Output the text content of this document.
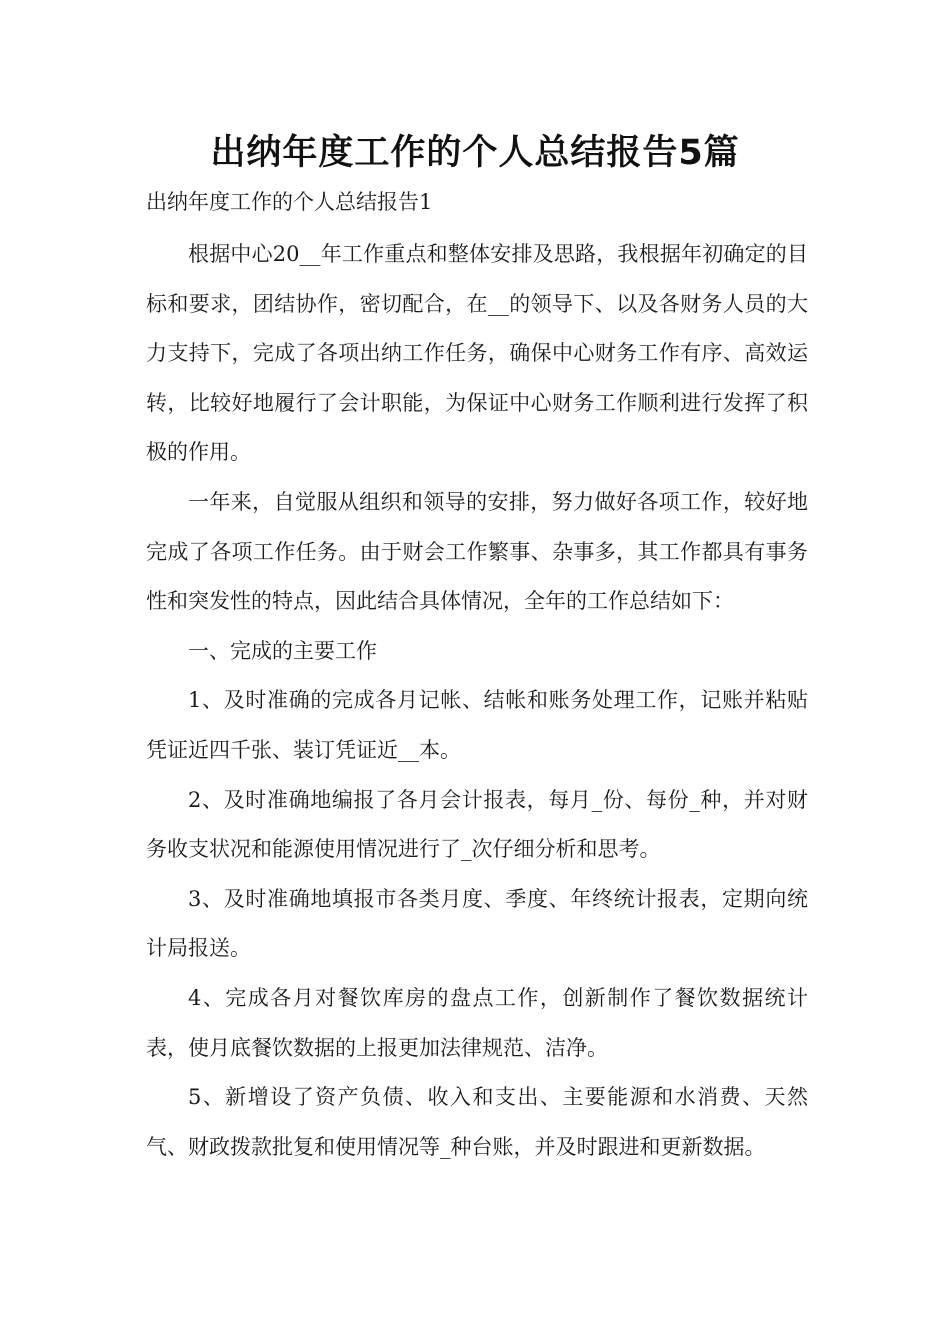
出纳年度工作的个人总结报告5篇
出纳年度工作的个人总结报告1

根据中心20__年工作重点和整体安排及思路，我根据年初确定的目标和要求，团结协作，密切配合，在__的领导下、以及各财务人员的大力支持下，完成了各项出纳工作任务，确保中心财务工作有序、高效运转，比较好地履行了会计职能，为保证中心财务工作顺利进行发挥了积极的作用。

一年来，自觉服从组织和领导的安排，努力做好各项工作，较好地完成了各项工作任务。由于财会工作繁事、杂事多，其工作都具有事务性和突发性的特点，因此结合具体情况，全年的工作总结如下：

一、完成的主要工作

1、及时准确的完成各月记帐、结帐和账务处理工作，记账并粘贴凭证近四千张、装订凭证近__本。

2、及时准确地编报了各月会计报表，每月_份、每份_种，并对财务收支状况和能源使用情况进行了_次仔细分析和思考。

3、及时准确地填报市各类月度、季度、年终统计报表，定期向统计局报送。

4、完成各月对餐饮库房的盘点工作，创新制作了餐饮数据统计表，使月底餐饮数据的上报更加法律规范、洁净。

5、新增设了资产负债、收入和支出、主要能源和水消费、天然气、财政拨款批复和使用情况等_种台账，并及时跟进和更新数据。
